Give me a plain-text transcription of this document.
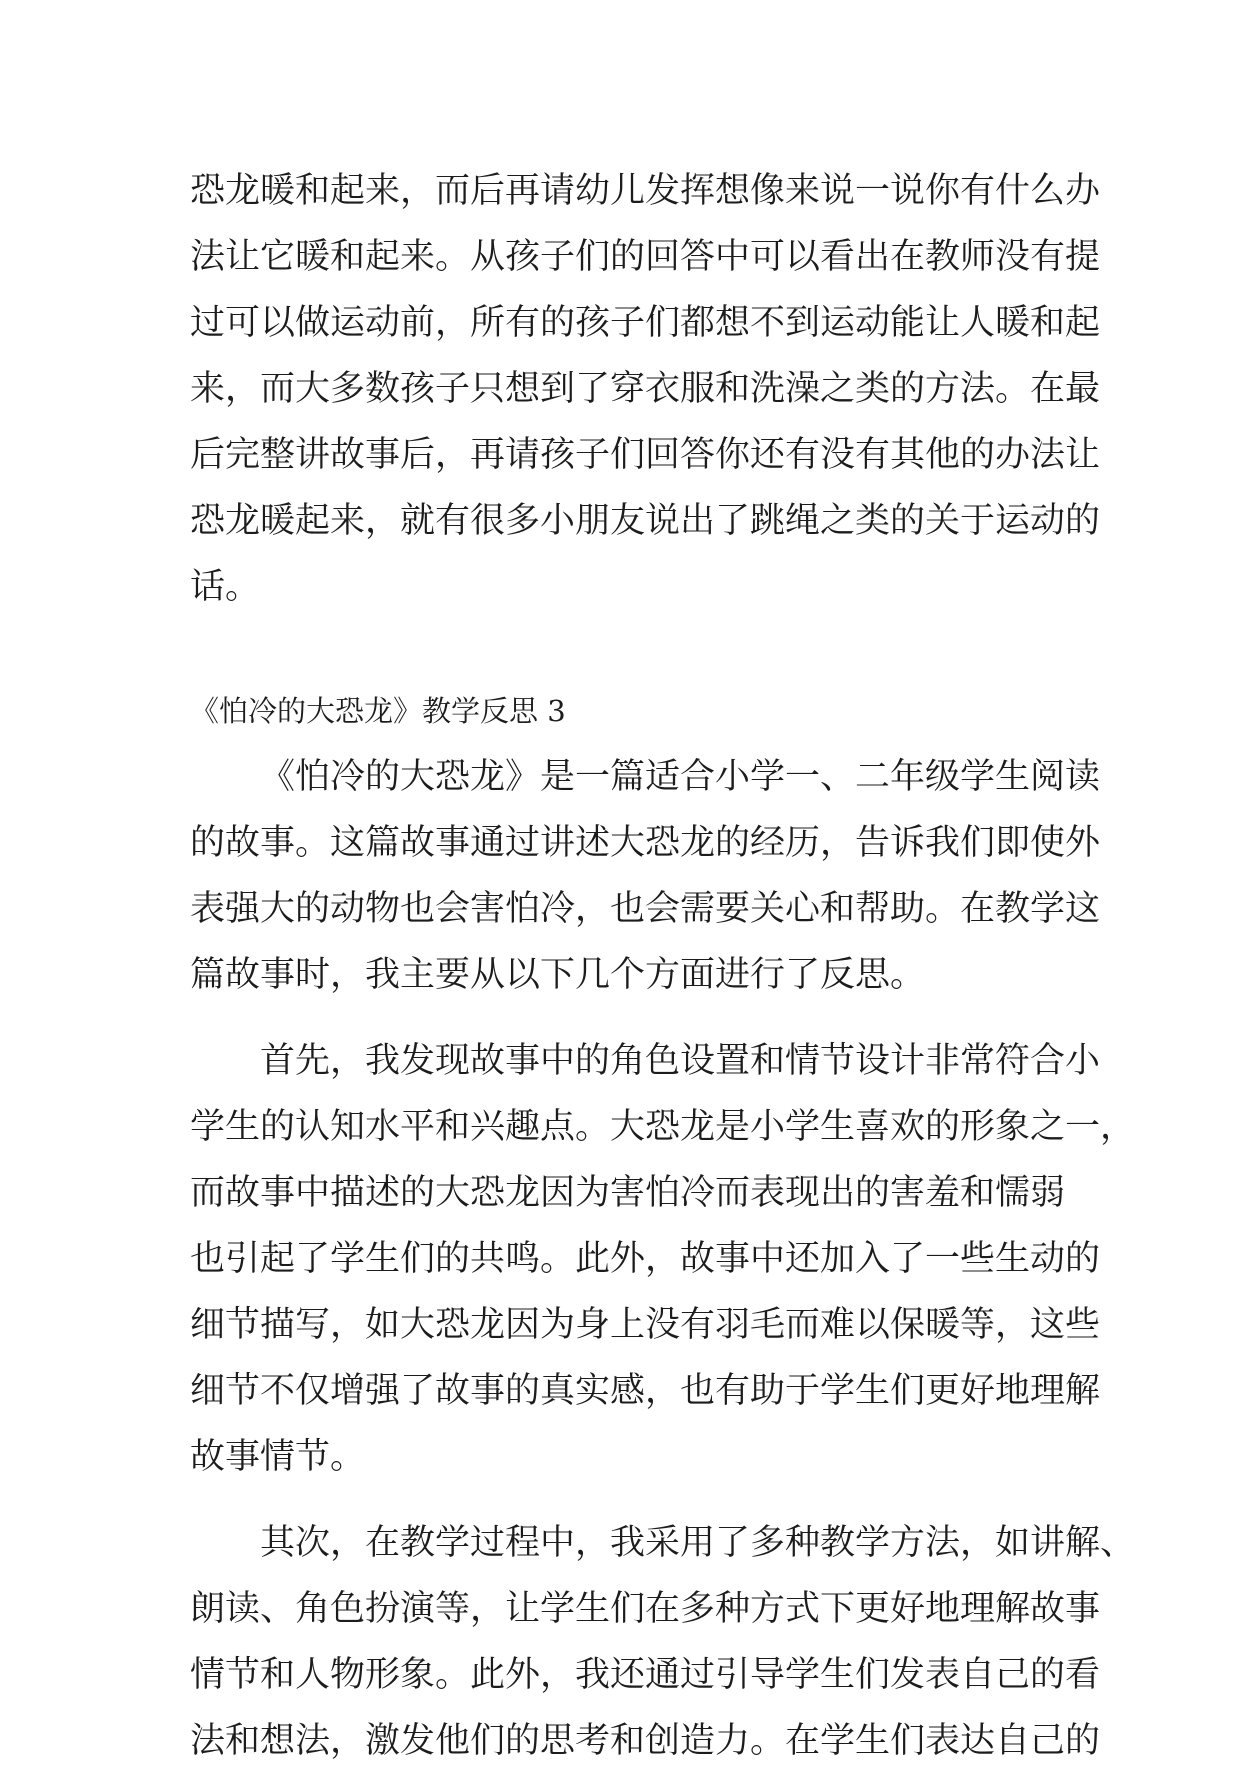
恐龙暖和起来，而后再请幼儿发挥想像来说一说你有什么办
法让它暖和起来。从孩子们的回答中可以看出在教师没有提
过可以做运动前，所有的孩子们都想不到运动能让人暖和起
来，而大多数孩子只想到了穿衣服和洗澡之类的方法。在最
后完整讲故事后，再请孩子们回答你还有没有其他的办法让
恐龙暖起来，就有很多小朋友说出了跳绳之类的关于运动的
话。
《怕冷的大恐龙》教学反思 3
《怕冷的大恐龙》是一篇适合小学一、二年级学生阅读
的故事。这篇故事通过讲述大恐龙的经历，告诉我们即使外
表强大的动物也会害怕冷，也会需要关心和帮助。在教学这
篇故事时，我主要从以下几个方面进行了反思。
首先，我发现故事中的角色设置和情节设计非常符合小
学生的认知水平和兴趣点。大恐龙是小学生喜欢的形象之一，
而故事中描述的大恐龙因为害怕冷而表现出的害羞和懦弱
也引起了学生们的共鸣。此外，故事中还加入了一些生动的
细节描写，如大恐龙因为身上没有羽毛而难以保暖等，这些
细节不仅增强了故事的真实感，也有助于学生们更好地理解
故事情节。
其次，在教学过程中，我采用了多种教学方法，如讲解、
朗读、角色扮演等，让学生们在多种方式下更好地理解故事
情节和人物形象。此外，我还通过引导学生们发表自己的看
法和想法，激发他们的思考和创造力。在学生们表达自己的
